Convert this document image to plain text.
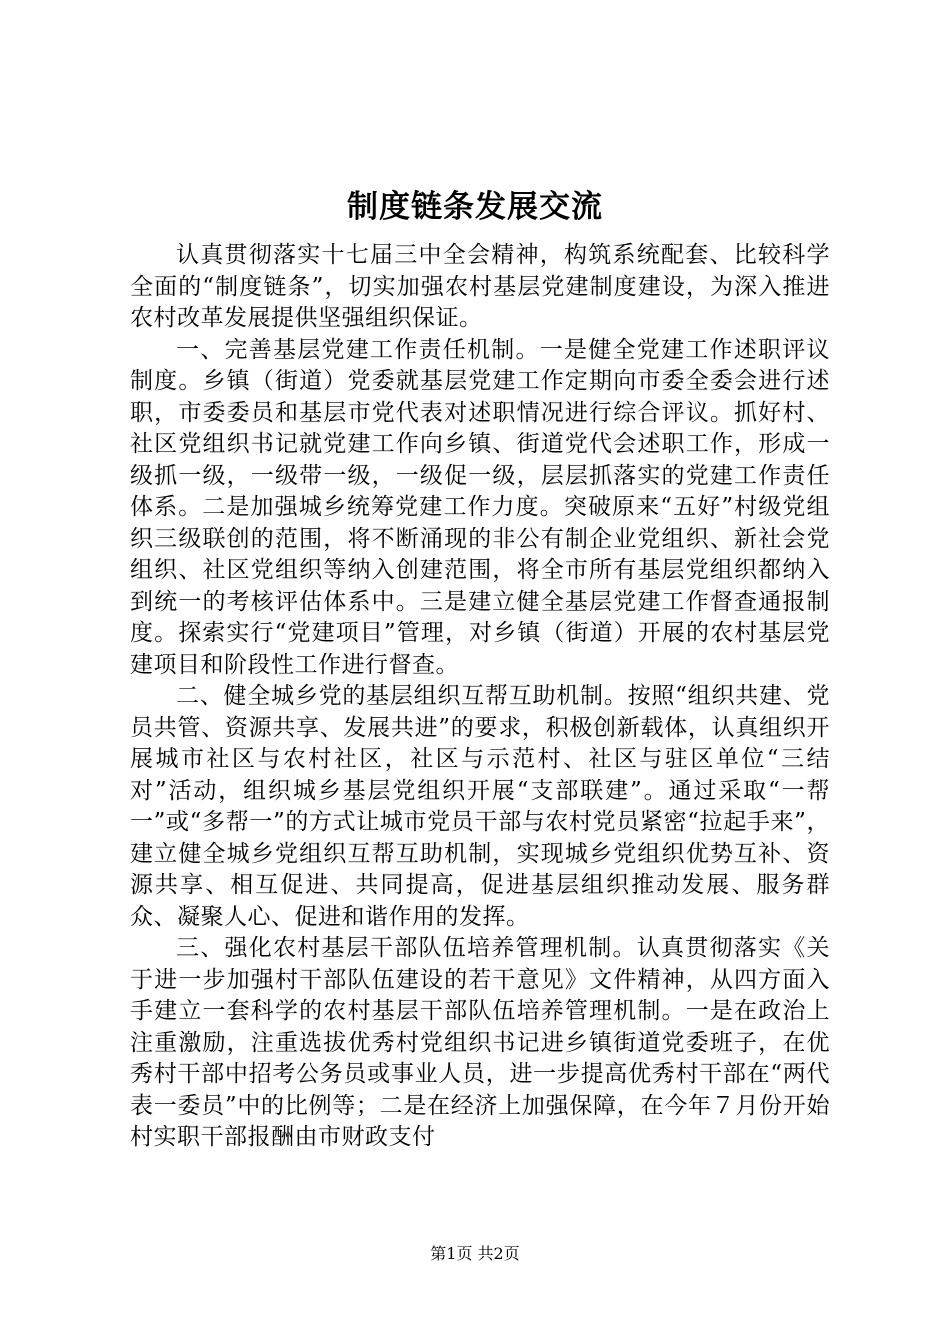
制度链条发展交流

认真贯彻落实十七届三中全会精神，构筑系统配套、比较科学全面的“制度链条”，切实加强农村基层党建制度建设，为深入推进农村改革发展提供坚强组织保证。

一、完善基层党建工作责任机制。一是健全党建工作述职评议制度。乡镇（街道）党委就基层党建工作定期向市委全委会进行述职，市委委员和基层市党代表对述职情况进行综合评议。抓好村、社区党组织书记就党建工作向乡镇、街道党代会述职工作，形成一级抓一级，一级带一级，一级促一级，层层抓落实的党建工作责任体系。二是加强城乡统筹党建工作力度。突破原来“五好”村级党组织三级联创的范围，将不断涌现的非公有制企业党组织、新社会党组织、社区党组织等纳入创建范围，将全市所有基层党组织都纳入到统一的考核评估体系中。三是建立健全基层党建工作督查通报制度。探索实行“党建项目”管理，对乡镇（街道）开展的农村基层党建项目和阶段性工作进行督查。

二、健全城乡党的基层组织互帮互助机制。按照“组织共建、党员共管、资源共享、发展共进”的要求，积极创新载体，认真组织开展城市社区与农村社区，社区与示范村、社区与驻区单位“三结对”活动，组织城乡基层党组织开展“支部联建”。通过采取“一帮一”或“多帮一”的方式让城市党员干部与农村党员紧密“拉起手来”，建立健全城乡党组织互帮互助机制，实现城乡党组织优势互补、资源共享、相互促进、共同提高，促进基层组织推动发展、服务群众、凝聚人心、促进和谐作用的发挥。

三、强化农村基层干部队伍培养管理机制。认真贯彻落实《关于进一步加强村干部队伍建设的若干意见》文件精神，从四方面入手建立一套科学的农村基层干部队伍培养管理机制。一是在政治上注重激励，注重选拔优秀村党组织书记进乡镇街道党委班子，在优秀村干部中招考公务员或事业人员，进一步提高优秀村干部在“两代表一委员”中的比例等；二是在经济上加强保障，在今年７月份开始村实职干部报酬由市财政支付

第1页 共2页
